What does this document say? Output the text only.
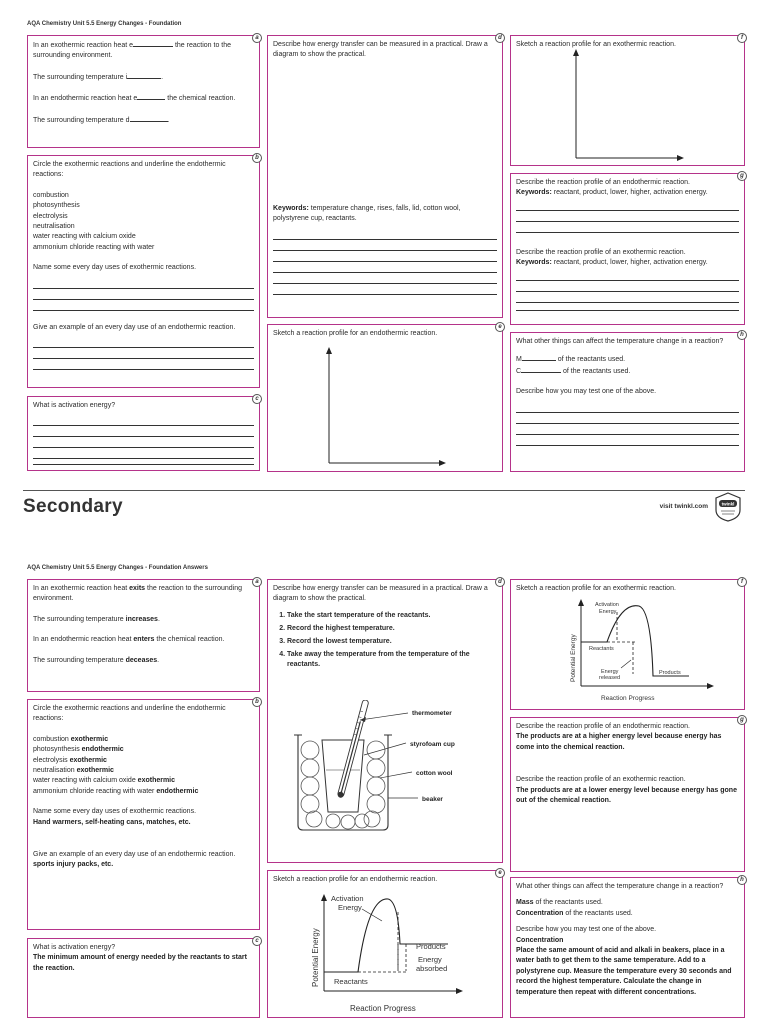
AQA Chemistry Unit 5.5 Energy Changes - Foundation
a
In an exothermic reaction heat e	the reaction to the surrounding environment.
The surrounding temperature i	.
In an endothermic reaction heat e	the chemical reaction.
The surrounding temperature d	.
b
Circle the exothermic reactions and underline the endothermic reactions:
combustion
photosynthesis
electrolysis
neutralisation
water reacting with calcium oxide
ammonium chloride reacting with water
Name some every day uses of exothermic reactions.
Give an example of an every day use of an endothermic reaction.
c
What is activation energy?
d
Describe how energy transfer can be measured in a practical. Draw a diagram to show the practical.
Keywords: temperature change, rises, falls, lid, cotton wool, polystyrene cup, reactants.
e
Sketch a reaction profile for an endothermic reaction.
f
Sketch a reaction profile for an exothermic reaction.
g
Describe the reaction profile of an endothermic reaction.
Keywords: reactant, product, lower, higher, activation energy.
Describe the reaction profile of an exothermic reaction.
Keywords: reactant, product, lower, higher, activation energy.
h
What other things can affect the temperature change in a reaction?
M	of the reactants used.
C	of the reactants used.
Describe how you may test one of the above.
Secondary	visit twinkl.com	twinkl
AQA Chemistry Unit 5.5 Energy Changes - Foundation Answers
a
In an exothermic reaction heat exits the reaction to the surrounding environment.
The surrounding temperature increases.
In an endothermic reaction heat enters the chemical reaction.
The surrounding temperature deceases.
b
Circle the exothermic reactions and underline the endothermic reactions:
combustion exothermic
photosynthesis endothermic
electrolysis exothermic
neutralisation exothermic
water reacting with calcium oxide exothermic
ammonium chloride reacting with water endothermic
Name some every day uses of exothermic reactions.
Hand warmers, self-heating cans, matches, etc.
Give an example of an every day use of an endothermic reaction.
sports injury packs, etc.
c
What is activation energy?
The minimum amount of energy needed by the reactants to start the reaction.
d
Describe how energy transfer can be measured in a practical. Draw a diagram to show the practical.
1. Take the start temperature of the reactants.
2. Record the highest temperature.
3. Record the lowest temperature.
4. Take away the temperature from the temperature of the reactants.
thermometer
styrofoam cup
cotton wool
beaker
e
Sketch a reaction profile for an endothermic reaction.
Activation
Energy
Products
Energy
absorbed
Reactants
Potential Energy
Reaction Progress
f
Sketch a reaction profile for an exothermic reaction.
Activation
Energy
Reactants
Energy
released
Products
Potential Energy
Reaction Progress
g
Describe the reaction profile of an endothermic reaction.
The products are at a higher energy level because energy has come into the chemical reaction.
Describe the reaction profile of an exothermic reaction.
The products are at a lower energy level because energy has gone out of the chemical reaction.
h
What other things can affect the temperature change in a reaction?
Mass of the reactants used.
Concentration of the reactants used.
Describe how you may test one of the above.
Concentration
Place the same amount of acid and alkali in beakers, place in a water bath to get them to the same temperature. Add to a polystyrene cup. Measure the temperature every 30 seconds and record the highest temperature. Calculate the change in temperature then repeat with different concentrations.
